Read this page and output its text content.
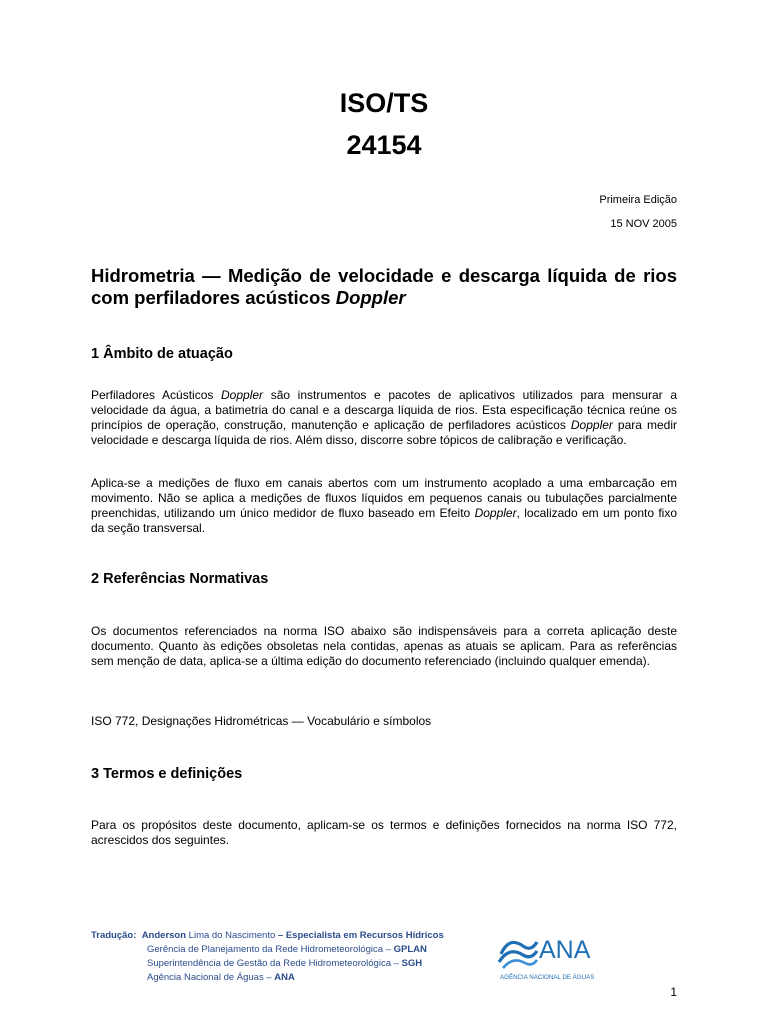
ISO/TS
24154
Primeira Edição
15 NOV 2005
Hidrometria — Medição de velocidade e descarga líquida de rios com perfiladores acústicos Doppler
1 Âmbito de atuação
Perfiladores Acústicos Doppler são instrumentos e pacotes de aplicativos utilizados para mensurar a velocidade da água, a batimetria do canal e a descarga líquida de rios. Esta especificação técnica reúne os princípios de operação, construção, manutenção e aplicação de perfiladores acústicos Doppler para medir velocidade e descarga líquida de rios. Além disso, discorre sobre tópicos de calibração e verificação.
Aplica-se a medições de fluxo em canais abertos com um instrumento acoplado a uma embarcação em movimento. Não se aplica a medições de fluxos líquidos em pequenos canais ou tubulações parcialmente preenchidas, utilizando um único medidor de fluxo baseado em Efeito Doppler, localizado em um ponto fixo da seção transversal.
2 Referências Normativas
Os documentos referenciados na norma ISO abaixo são indispensáveis para a correta aplicação deste documento. Quanto às edições obsoletas nela contidas, apenas as atuais se aplicam. Para as referências sem menção de data, aplica-se a última edição do documento referenciado (incluindo qualquer emenda).
ISO 772, Designações Hidrométricas — Vocabulário e símbolos
3 Termos e definições
Para os propósitos deste documento, aplicam-se os termos e definições fornecidos na norma ISO 772, acrescidos dos seguintes.
Tradução: Anderson Lima do Nascimento – Especialista em Recursos Hídricos
Gerência de Planejamento da Rede Hidrometeorológica – GPLAN
Superintendência de Gestão da Rede Hidrometeorológica – SGH
Agência Nacional de Águas – ANA
ANA
AGÊNCIA NACIONAL DE ÁGUAS
1
